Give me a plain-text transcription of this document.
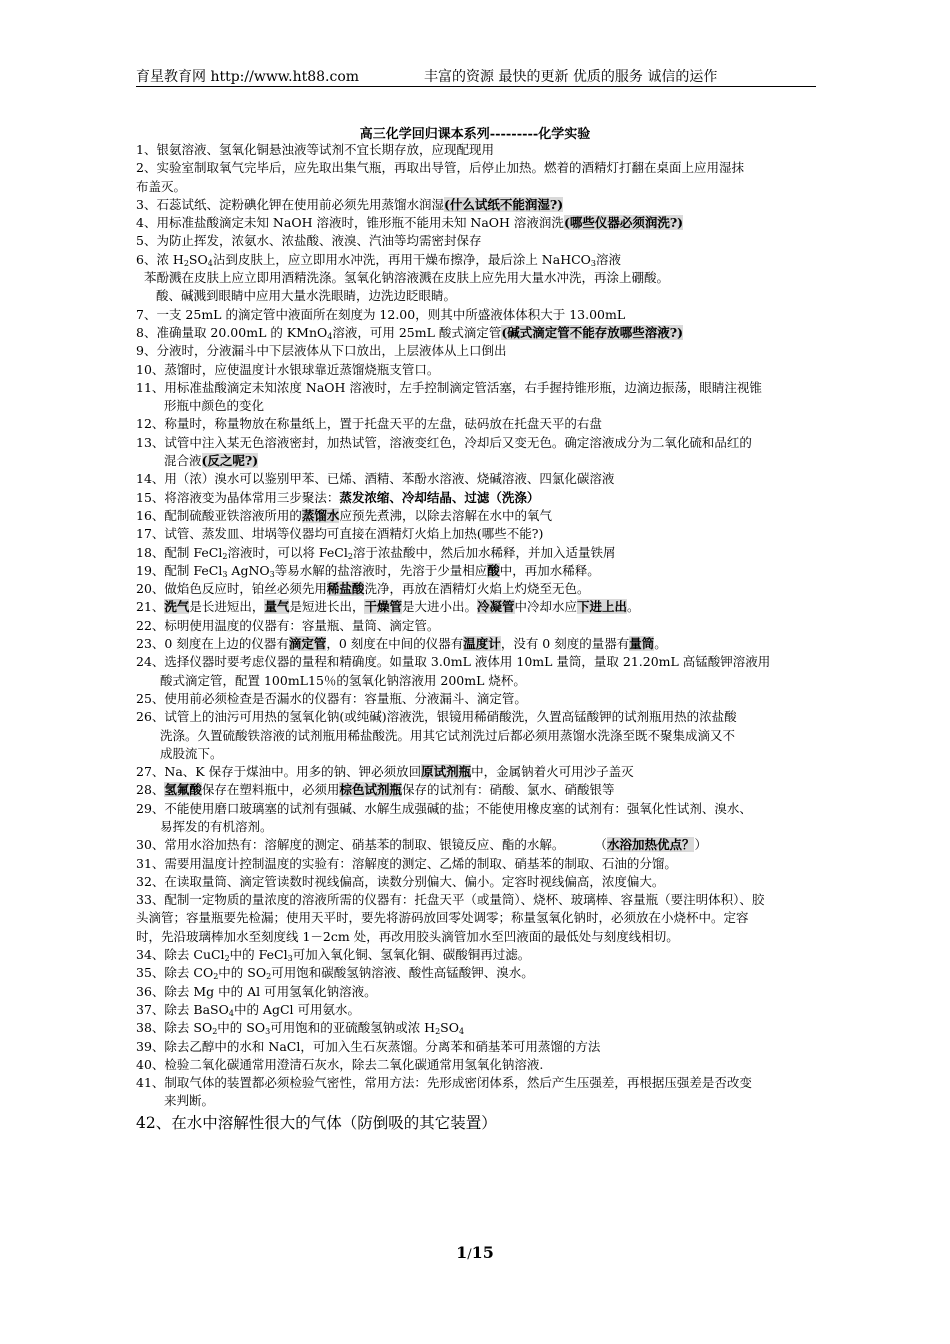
育星教育网 http://www.ht88.com	丰富的资源 最快的更新 优质的服务 诚信的运作
高三化学回归课本系列---------化学实验
1、银氨溶液、氢氧化铜悬浊液等试剂不宜长期存放，应现配现用
2、实验室制取氧气完毕后，应先取出集气瓶，再取出导管，后停止加热。燃着的酒精灯打翻在桌面上应用湿抹
布盖灭。
3、石蕊试纸、淀粉碘化钾在使用前必须先用蒸馏水润湿(什么试纸不能润湿?)
4、用标准盐酸滴定未知 NaOH 溶液时，锥形瓶不能用未知 NaOH 溶液润洗(哪些仪器必须润洗?)
5、为防止挥发，浓氨水、浓盐酸、液溴、汽油等均需密封保存
6、浓 $H_2SO_4$沾到皮肤上，应立即用水冲洗，再用干燥布擦净，最后涂上 NaHCO$_3$溶液
苯酚溅在皮肤上应立即用酒精洗涤。氢氧化钠溶液溅在皮肤上应先用大量水冲洗，再涂上硼酸。
酸、碱溅到眼睛中应用大量水洗眼睛，边洗边眨眼睛。
7、一支 25mL 的滴定管中液面所在刻度为 12.00，则其中所盛液体体积大于 13.00mL
8、准确量取 20.00mL 的 KMnO$_4$溶液，可用 25mL 酸式滴定管(碱式滴定管不能存放哪些溶液?)
9、分液时，分液漏斗中下层液体从下口放出，上层液体从上口倒出
10、蒸馏时，应使温度计水银球靠近蒸馏烧瓶支管口。
11、用标准盐酸滴定未知浓度 NaOH 溶液时，左手控制滴定管活塞，右手握持锥形瓶，边滴边振荡，眼睛注视锥
形瓶中颜色的变化
12、称量时，称量物放在称量纸上，置于托盘天平的左盘，砝码放在托盘天平的右盘
13、试管中注入某无色溶液密封，加热试管，溶液变红色，冷却后又变无色。确定溶液成分为二氧化硫和品红的
混合液(反之呢?)
14、用（浓）溴水可以鉴别甲苯、已烯、酒精、苯酚水溶液、烧碱溶液、四氯化碳溶液
15、将溶液变为晶体常用三步聚法：蒸发浓缩、冷却结晶、过滤（洗涤）
16、配制硫酸亚铁溶液所用的蒸馏水应预先煮沸，以除去溶解在水中的氧气
17、试管、蒸发皿、坩埚等仪器均可直接在酒精灯火焰上加热(哪些不能?)
18、配制 FeCl$_2$溶液时，可以将 FeCl$_2$溶于浓盐酸中，然后加水稀释，并加入适量铁屑
19、配制 FeCl$_3$ AgNO$_3$等易水解的盐溶液时，先溶于少量相应酸中，再加水稀释。
20、做焰色反应时，铂丝必须先用稀盐酸洗净，再放在酒精灯火焰上灼烧至无色。
21、洗气是长进短出，量气是短进长出，干燥管是大进小出。冷凝管中冷却水应下进上出。
22、标明使用温度的仪器有：容量瓶、量筒、滴定管。
23、0 刻度在上边的仪器有滴定管，0 刻度在中间的仪器有温度计，没有 0 刻度的量器有量筒。
24、选择仪器时要考虑仪器的量程和精确度。如量取 3.0mL 液体用 10mL 量筒，量取 21.20mL 高锰酸钾溶液用
酸式滴定管，配置 100mL15％的氢氧化钠溶液用 200mL 烧杯。
25、使用前必须检查是否漏水的仪器有：容量瓶、分液漏斗、滴定管。
26、试管上的油污可用热的氢氧化钠(或纯碱)溶液洗，银镜用稀硝酸洗，久置高锰酸钾的试剂瓶用热的浓盐酸
洗涤。久置硫酸铁溶液的试剂瓶用稀盐酸洗。用其它试剂洗过后都必须用蒸馏水洗涤至既不聚集成滴又不
成股流下。
27、Na、K 保存于煤油中。用多的钠、钾必须放回原试剂瓶中，金属钠着火可用沙子盖灭
28、氢氟酸保存在塑料瓶中，必须用棕色试剂瓶保存的试剂有：硝酸、氯水、硝酸银等
29、不能使用磨口玻璃塞的试剂有强碱、水解生成强碱的盐；不能使用橡皮塞的试剂有：强氧化性试剂、溴水、
易挥发的有机溶剂。
30、常用水浴加热有：溶解度的测定、硝基苯的制取、银镜反应、酯的水解。 （水浴加热优点？）
31、需要用温度计控制温度的实验有：溶解度的测定、乙烯的制取、硝基苯的制取、石油的分馏。
32、在读取量筒、滴定管读数时视线偏高，读数分别偏大、偏小。定容时视线偏高，浓度偏大。
33、配制一定物质的量浓度的溶液所需的仪器有：托盘天平（或量筒）、烧杯、玻璃棒、容量瓶（要注明体积）、胶
头滴管；容量瓶要先检漏；使用天平时，要先将游码放回零处调零；称量氢氧化钠时，必须放在小烧杯中。定容
时，先沿玻璃棒加水至刻度线 1－2cm 处，再改用胶头滴管加水至凹液面的最低处与刻度线相切。
34、除去 CuCl$_2$中的 FeCl$_3$可加入氧化铜、氢氧化铜、碳酸铜再过滤。
35、除去 $CO_2$中的 $SO_2$可用饱和碳酸氢钠溶液、酸性高锰酸钾、溴水。
36、除去 Mg 中的 Al 可用氢氧化钠溶液。
37、除去 BaSO$_4$中的 AgCl 可用氨水。
38、除去 $SO_2$中的 $SO_3$可用饱和的亚硫酸氢钠或浓 $H_2SO_4$
39、除去乙醇中的水和 NaCl，可加入生石灰蒸馏。分离苯和硝基苯可用蒸馏的方法
40、检验二氧化碳通常用澄清石灰水，除去二氧化碳通常用氢氧化钠溶液.
41、制取气体的装置都必须检验气密性，常用方法：先形成密闭体系，然后产生压强差，再根据压强差是否改变
来判断。
42、在水中溶解性很大的气体（防倒吸的其它装置）
1/15
